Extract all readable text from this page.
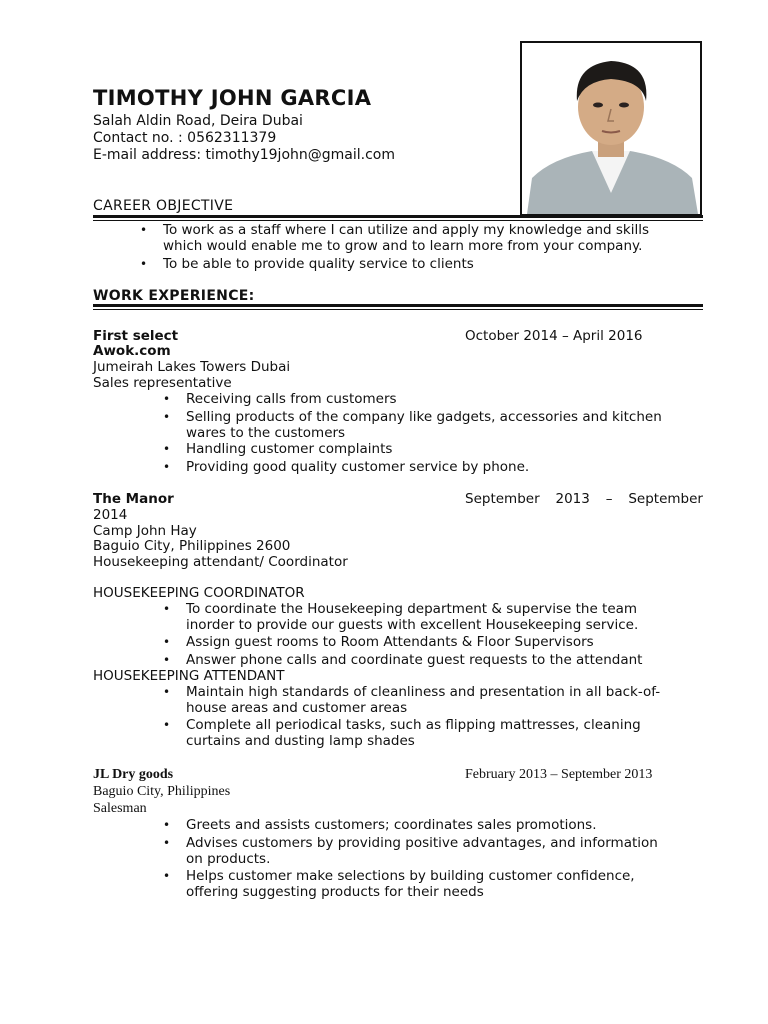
TIMOTHY JOHN GARCIA
Salah Aldin Road, Deira Dubai
Contact no. : 0562311379
E-mail address: timothy19john@gmail.com
CAREER OBJECTIVE
• To work as a staff where I can utilize and apply my knowledge and skills
which would enable me to grow and to learn more from your company.
• To be able to provide quality service to clients
WORK EXPERIENCE:
First select	October 2014 – April 2016
Awok.com
Jumeirah Lakes Towers Dubai
Sales representative
• Receiving calls from customers
• Selling products of the company like gadgets, accessories and kitchen
wares to the customers
• Handling customer complaints
• Providing good quality customer service by phone.
The Manor	September 2013 – September
2014
Camp John Hay
Baguio City, Philippines 2600
Housekeeping attendant/ Coordinator
HOUSEKEEPING COORDINATOR
• To coordinate the Housekeeping department & supervise the team
inorder to provide our guests with excellent Housekeeping service.
• Assign guest rooms to Room Attendants & Floor Supervisors
• Answer phone calls and coordinate guest requests to the attendant
HOUSEKEEPING ATTENDANT
• Maintain high standards of cleanliness and presentation in all back-of-
house areas and customer areas
• Complete all periodical tasks, such as flipping mattresses, cleaning
curtains and dusting lamp shades
JL Dry goods	February 2013 – September 2013
Baguio City, Philippines
Salesman
• Greets and assists customers; coordinates sales promotions.
• Advises customers by providing positive advantages, and information
on products.
• Helps customer make selections by building customer confidence,
offering suggesting products for their needs
